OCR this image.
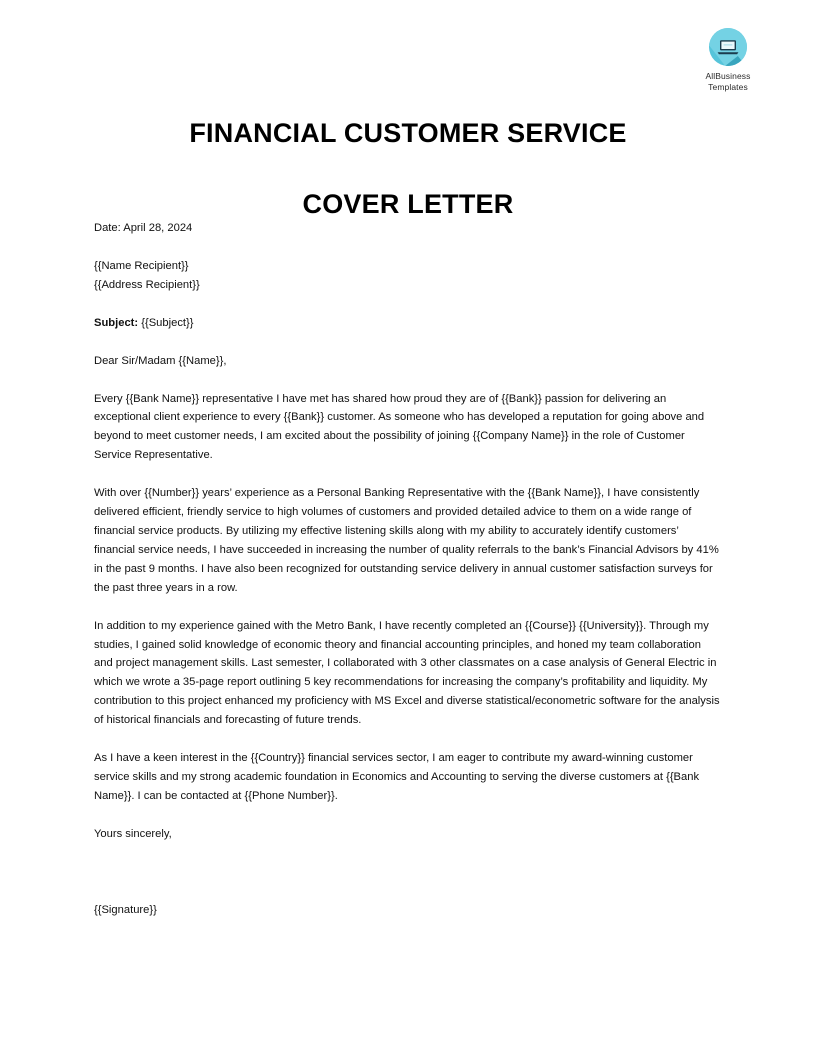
AllBusiness
Templates
FINANCIAL CUSTOMER SERVICE
COVER LETTER

Date: April 28, 2024

{{Name Recipient}}

{{Address Recipient}}

Subject: {{Subject}}

Dear Sir/Madam {{Name}},

Every {{Bank Name}} representative I have met has shared how proud they are of {{Bank}} passion for delivering an exceptional client experience to every {{Bank}} customer. As someone who has developed a reputation for going above and beyond to meet customer needs, I am excited about the possibility of joining {{Company Name}} in the role of Customer Service Representative.

With over {{Number}} years’ experience as a Personal Banking Representative with the {{Bank Name}}, I have consistently delivered efficient, friendly service to high volumes of customers and provided detailed advice to them on a wide range of financial service products. By utilizing my effective listening skills along with my ability to accurately identify customers’ financial service needs, I have succeeded in increasing the number of quality referrals to the bank’s Financial Advisors by 41% in the past 9 months. I have also been recognized for outstanding service delivery in annual customer satisfaction surveys for the past three years in a row.

In addition to my experience gained with the Metro Bank, I have recently completed an {{Course}} {{University}}. Through my studies, I gained solid knowledge of economic theory and financial accounting principles, and honed my team collaboration and project management skills. Last semester, I collaborated with 3 other classmates on a case analysis of General Electric in which we wrote a 35-page report outlining 5 key recommendations for increasing the company’s profitability and liquidity. My contribution to this project enhanced my proficiency with MS Excel and diverse statistical/econometric software for the analysis of historical financials and forecasting of future trends.

As I have a keen interest in the {{Country}} financial services sector, I am eager to contribute my award-winning customer service skills and my strong academic foundation in Economics and Accounting to serving the diverse customers at {{Bank Name}}. I can be contacted at {{Phone Number}}.

Yours sincerely,

{{Signature}}
